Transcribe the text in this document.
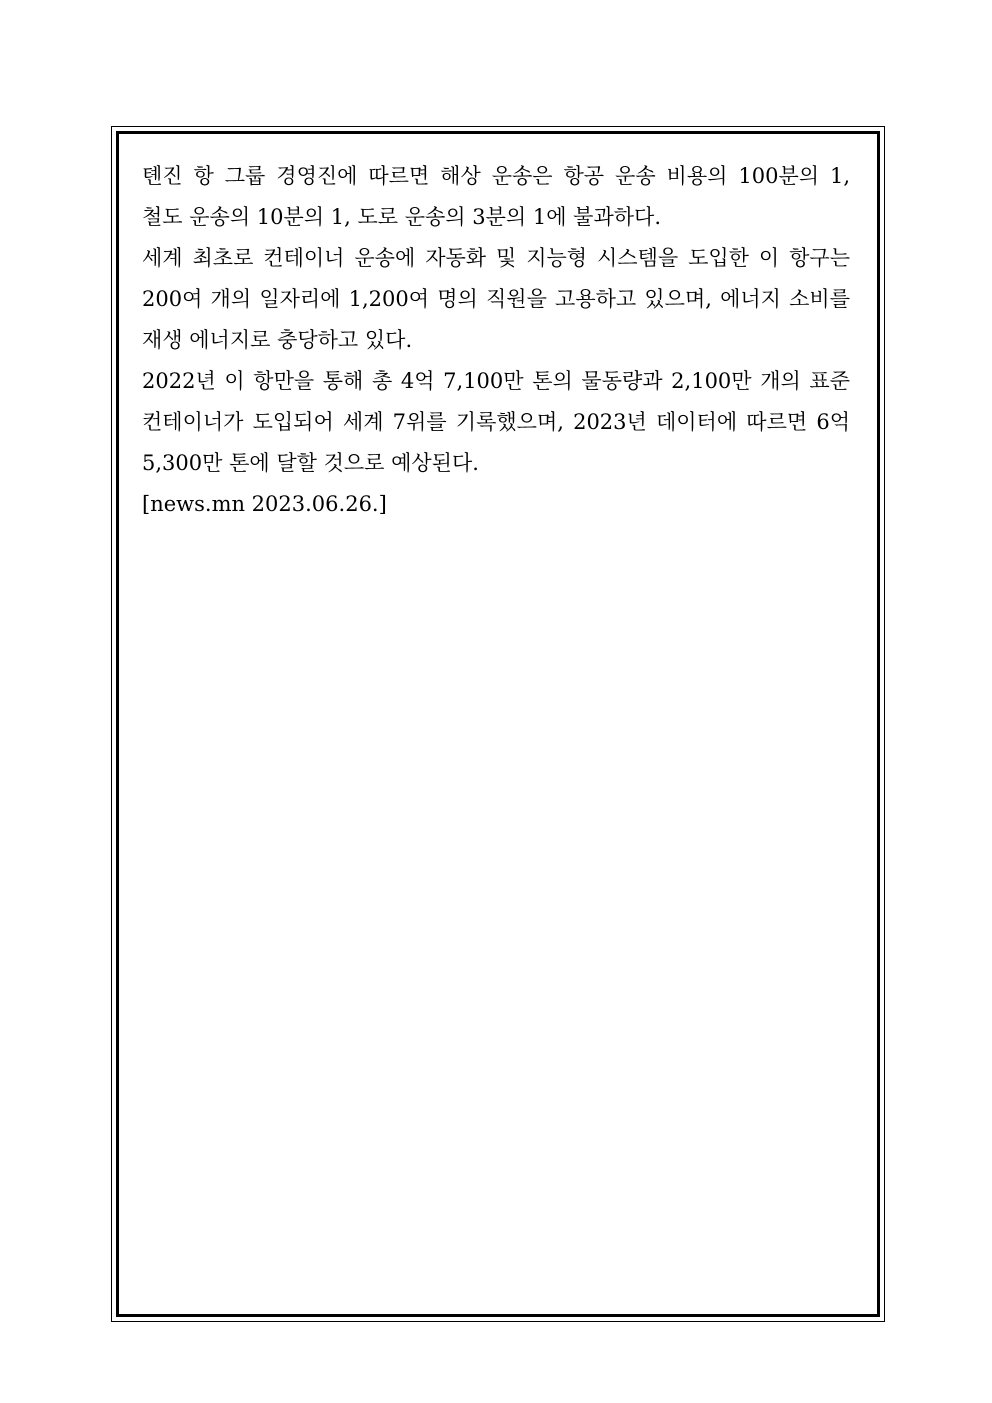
톈진 항 그룹 경영진에 따르면 해상 운송은 항공 운송 비용의 100분의 1, 철도 운송의 10분의 1, 도로 운송의 3분의 1에 불과하다.

세계 최초로 컨테이너 운송에 자동화 및 지능형 시스템을 도입한 이 항구는 200여 개의 일자리에 1,200여 명의 직원을 고용하고 있으며, 에너지 소비를 재생 에너지로 충당하고 있다.

2022년 이 항만을 통해 총 4억 7,100만 톤의 물동량과 2,100만 개의 표준 컨테이너가 도입되어 세계 7위를 기록했으며, 2023년 데이터에 따르면 6억 5,300만 톤에 달할 것으로 예상된다.

[news.mn 2023.06.26.]
